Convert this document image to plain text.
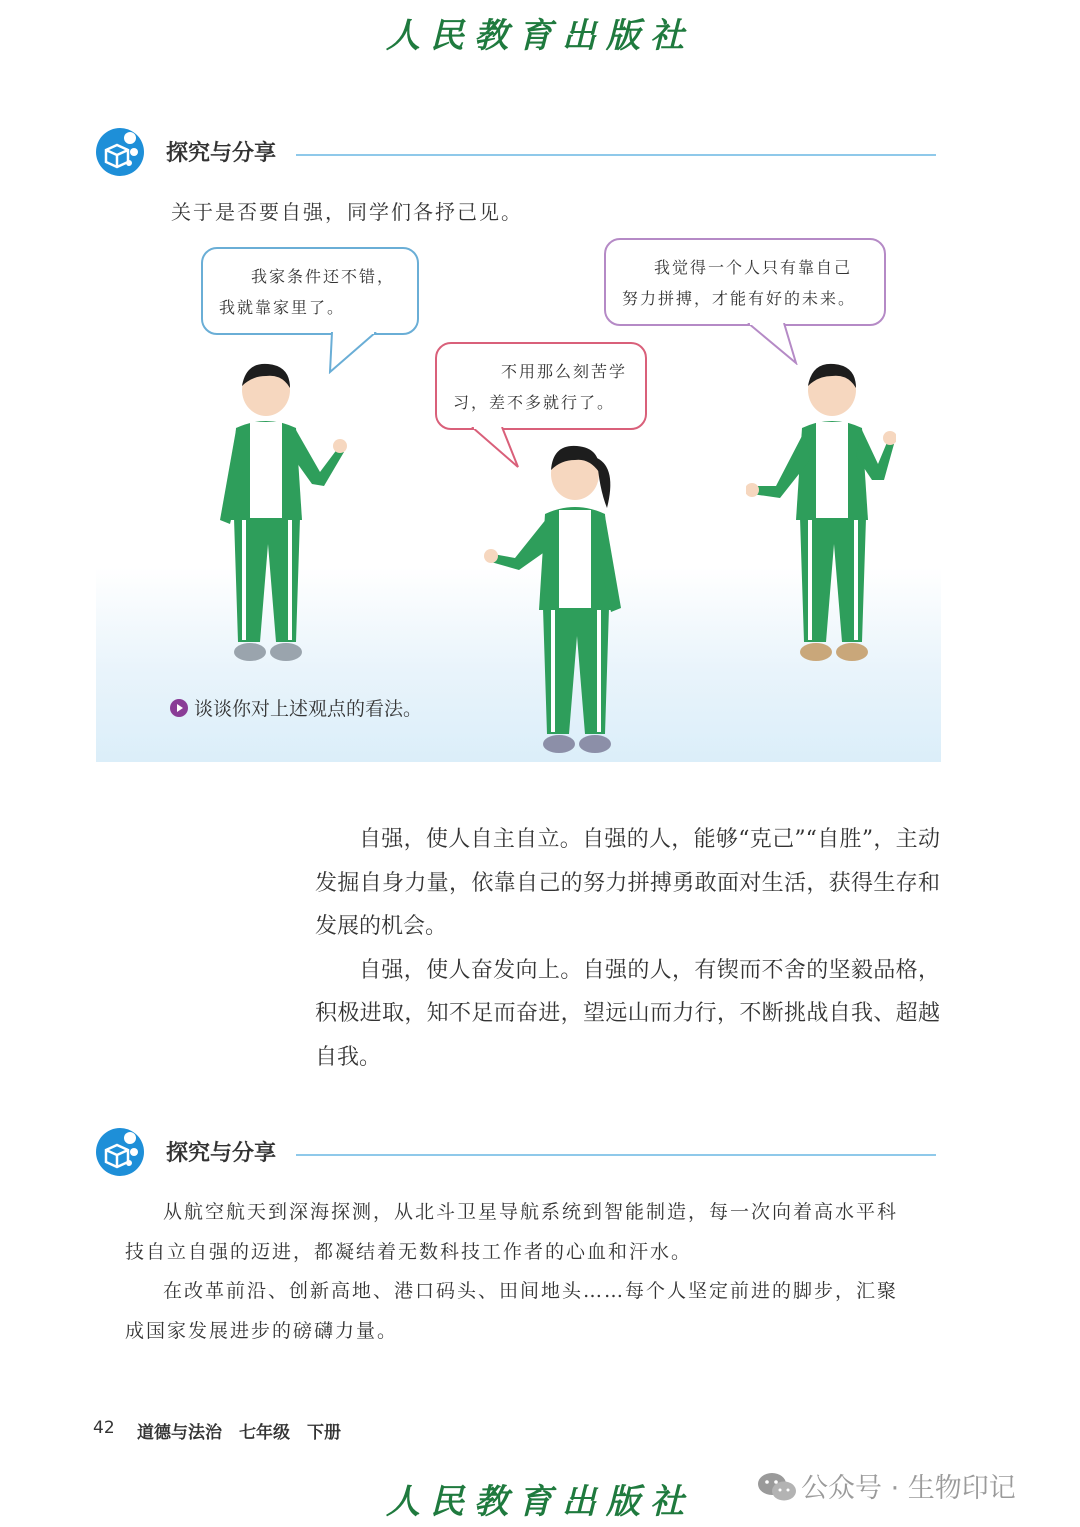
人民教育出版社
探究与分享
关于是否要自强，同学们各抒己见。
我家条件还不错，我就靠家里了。
不用那么刻苦学习，差不多就行了。
我觉得一个人只有靠自己努力拼搏，才能有好的未来。
谈谈你对上述观点的看法。

自强，使人自主自立。自强的人，能够“克己”“自胜”，主动发掘自身力量，依靠自己的努力拼搏勇敢面对生活，获得生存和发展的机会。

自强，使人奋发向上。自强的人，有锲而不舍的坚毅品格，积极进取，知不足而奋进，望远山而力行，不断挑战自我、超越自我。

探究与分享

从航空航天到深海探测，从北斗卫星导航系统到智能制造，每一次向着高水平科技自立自强的迈进，都凝结着无数科技工作者的心血和汗水。

在改革前沿、创新高地、港口码头、田间地头……每个人坚定前进的脚步，汇聚成国家发展进步的磅礴力量。

42 道德与法治　七年级　下册
人民教育出版社	公众号 · 生物印记
